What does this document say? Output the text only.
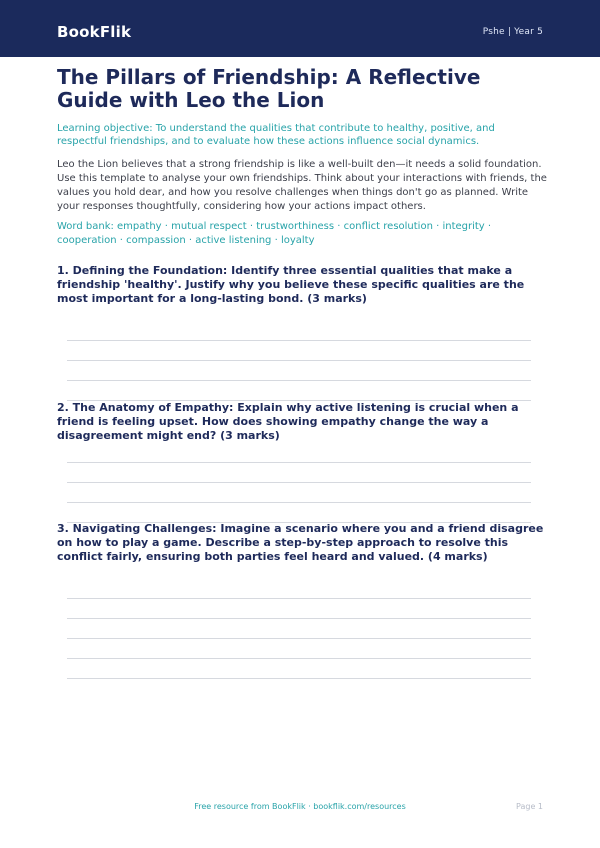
BookFlik	Pshe | Year 5
The Pillars of Friendship: A Reflective Guide with Leo the Lion
Learning objective: To understand the qualities that contribute to healthy, positive, and respectful friendships, and to evaluate how these actions influence social dynamics.
Leo the Lion believes that a strong friendship is like a well-built den—it needs a solid foundation. Use this template to analyse your own friendships. Think about your interactions with friends, the values you hold dear, and how you resolve challenges when things don't go as planned. Write your responses thoughtfully, considering how your actions impact others.
Word bank: empathy · mutual respect · trustworthiness · conflict resolution · integrity · cooperation · compassion · active listening · loyalty
1. Defining the Foundation: Identify three essential qualities that make a friendship 'healthy'. Justify why you believe these specific qualities are the most important for a long-lasting bond. (3 marks)
2. The Anatomy of Empathy: Explain why active listening is crucial when a friend is feeling upset. How does showing empathy change the way a disagreement might end? (3 marks)
3. Navigating Challenges: Imagine a scenario where you and a friend disagree on how to play a game. Describe a step-by-step approach to resolve this conflict fairly, ensuring both parties feel heard and valued. (4 marks)
Free resource from BookFlik · bookflik.com/resources	Page 1
